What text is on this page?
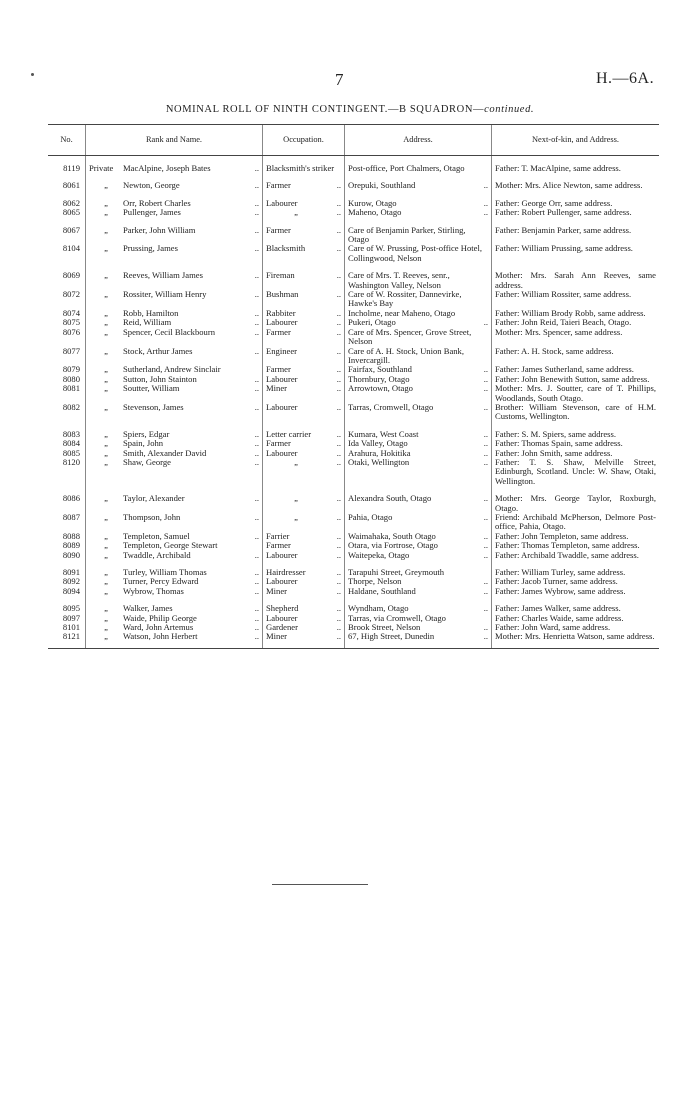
7	H.—6A.
NOMINAL ROLL OF NINTH CONTINGENT.—B SQUADRON—continued.
No.	Rank and Name.	Occupation.	Address.	Next-of-kin, and Address.

8119	Private MacAlpine, Joseph Bates ..	Blacksmith's striker	Post-office, Port Chalmers, Otago	Father: T. MacAlpine, same address.

8061	„ Newton, George ..	Farmer ..	Orepuki, Southland ..	Mother: Mrs. Alice Newton, same address.

8062	„ Orr, Robert Charles ..	Labourer ..	Kurow, Otago ..	Father: George Orr, same address.
8065	„ Pullenger, James ..	„ ..	Maheno, Otago ..	Father: Robert Pullenger, same address.

8067	„ Parker, John William ..	Farmer ..	Care of Benjamin Parker, Stirling, Otago	Father: Benjamin Parker, same address.
8104	„ Prussing, James ..	Blacksmith ..	Care of W. Prussing, Post-office Hotel, Collingwood, Nelson	Father: William Prussing, same address.

8069	„ Reeves, William James ..	Fireman ..	Care of Mrs. T. Reeves, senr., Washington Valley, Nelson	Mother: Mrs. Sarah Ann Reeves, same address.
8072	„ Rossiter, William Henry ..	Bushman ..	Care of W. Rossiter, Dannevirke, Hawke's Bay	Father: William Rossiter, same address.
8074	„ Robb, Hamilton ..	Rabbiter ..	Incholme, near Maheno, Otago	Father: William Brody Robb, same address.
8075	„ Reid, William ..	Labourer ..	Pukeri, Otago ..	Father: John Reid, Taieri Beach, Otago.
8076	„ Spencer, Cecil Blackbourn ..	Farmer ..	Care of Mrs. Spencer, Grove Street, Nelson	Mother: Mrs. Spencer, same address.
8077	„ Stock, Arthur James ..	Engineer ..	Care of A. H. Stock, Union Bank, Invercargill.	Father: A. H. Stock, same address.
8079	„ Sutherland, Andrew Sinclair	Farmer ..	Fairfax, Southland ..	Father: James Sutherland, same address.
8080	„ Sutton, John Stainton ..	Labourer ..	Thornbury, Otago ..	Father: John Benewith Sutton, same address.
8081	„ Soutter, William ..	Miner ..	Arrowtown, Otago ..	Mother: Mrs. J. Soutter, care of T. Phillips, Woodlands, South Otago.
8082	„ Stevenson, James ..	Labourer ..	Tarras, Cromwell, Otago ..	Brother: William Stevenson, care of H.M. Customs, Wellington.

8083	„ Spiers, Edgar ..	Letter carrier ..	Kumara, West Coast ..	Father: S. M. Spiers, same address.
8084	„ Spain, John ..	Farmer ..	Ida Valley, Otago ..	Father: Thomas Spain, same address.
8085	„ Smith, Alexander David ..	Labourer ..	Arahura, Hokitika ..	Father: John Smith, same address.
8120	„ Shaw, George ..	„ ..	Otaki, Wellington ..	Father: T. S. Shaw, Melville Street, Edinburgh, Scotland. Uncle: W. Shaw, Otaki, Wellington.

8086	„ Taylor, Alexander ..	„ ..	Alexandra South, Otago ..	Mother: Mrs. George Taylor, Roxburgh, Otago.
8087	„ Thompson, John ..	„ ..	Pahia, Otago ..	Friend: Archibald McPherson, Delmore Post-office, Pahia, Otago.
8088	„ Templeton, Samuel ..	Farrier ..	Waimahaka, South Otago ..	Father: John Templeton, same address.
8089	„ Templeton, George Stewart	Farmer ..	Otara, via Fortrose, Otago ..	Father: Thomas Templeton, same address.
8090	„ Twaddle, Archibald ..	Labourer ..	Waitepeka, Otago ..	Father: Archibald Twaddle, same address.

8091	„ Turley, William Thomas ..	Hairdresser ..	Tarapuhi Street, Greymouth	Father: William Turley, same address.
8092	„ Turner, Percy Edward ..	Labourer ..	Thorpe, Nelson ..	Father: Jacob Turner, same address.
8094	„ Wybrow, Thomas ..	Miner ..	Haldane, Southland ..	Father: James Wybrow, same address.

8095	„ Walker, James ..	Shepherd ..	Wyndham, Otago ..	Father: James Walker, same address.
8097	„ Waide, Philip George ..	Labourer ..	Tarras, via Cromwell, Otago	Father: Charles Waide, same address.
8101	„ Ward, John Artemus ..	Gardener ..	Brook Street, Nelson ..	Father: John Ward, same address.
8121	„ Watson, John Herbert ..	Miner ..	67, High Street, Dunedin ..	Mother: Mrs. Henrietta Watson, same address.
